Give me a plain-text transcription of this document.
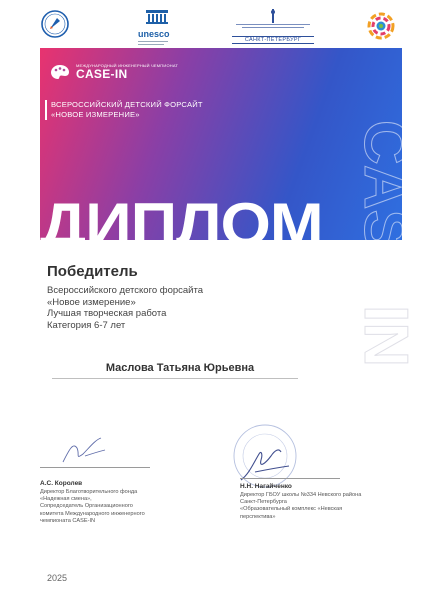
unesco
САНКТ-ПЕТЕРБУРГ
CASE
IN
МЕЖДУНАРОДНЫЙ ИНЖЕНЕРНЫЙ ЧЕМПИОНАТ
CASE-IN
ВСЕРОССИЙСКИЙ ДЕТСКИЙ ФОРСАЙТ
«НОВОЕ ИЗМЕРЕНИЕ»
ДИПЛОМ
Победитель
Всероссийского детского форсайта
«Новое измерение»
Лучшая творческая работа
Категория 6-7 лет
Маслова Татьяна Юрьевна
А.С. Королев
Директор Благотворительного фонда
«Надежная смена»,
Сопредседатель Организационного
комитета Международного инженерного
чемпионата CASE-IN
Н.Н. Нагайченко
Директор ГБОУ школы №334 Невского района
Санкт-Петербурга
«Образовательный комплекс «Невская
перспектива»
2025
